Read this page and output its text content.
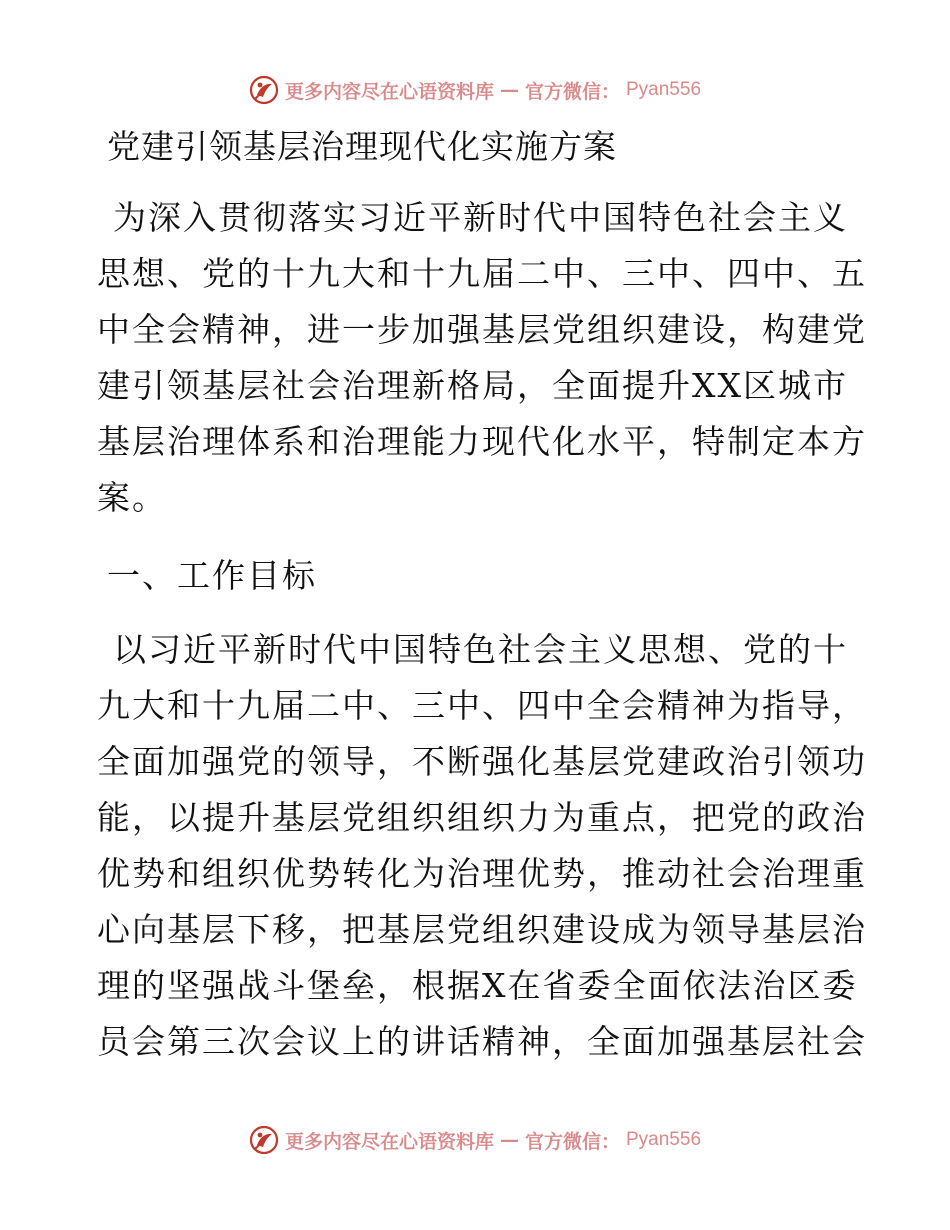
更多内容尽在心语资料库 — 官方微信： Pyan556
党建引领基层治理现代化实施方案

为深入贯彻落实习近平新时代中国特色社会主义
思想、党的十九大和十九届二中、三中、四中、五
中全会精神，进一步加强基层党组织建设，构建党
建引领基层社会治理新格局，全面提升XX区城市
基层治理体系和治理能力现代化水平，特制定本方
案。

一、工作目标

以习近平新时代中国特色社会主义思想、党的十
九大和十九届二中、三中、四中全会精神为指导，
全面加强党的领导，不断强化基层党建政治引领功
能，以提升基层党组织组织力为重点，把党的政治
优势和组织优势转化为治理优势，推动社会治理重
心向基层下移，把基层党组织建设成为领导基层治
理的坚强战斗堡垒，根据X在省委全面依法治区委
员会第三次会议上的讲话精神，全面加强基层社会

更多内容尽在心语资料库 — 官方微信： Pyan556
